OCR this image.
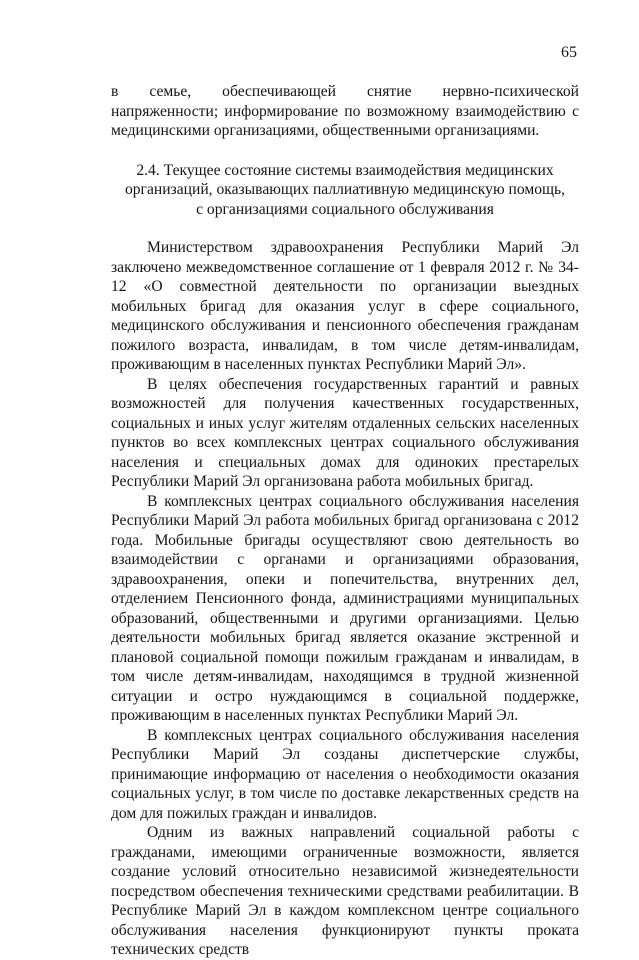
65

в семье, обеспечивающей снятие нервно-психической напряженности; информирование по возможному взаимодействию с медицинскими организациями, общественными организациями.

2.4. Текущее состояние системы взаимодействия медицинских
организаций, оказывающих паллиативную медицинскую помощь,
с организациями социального обслуживания

Министерством здравоохранения Республики Марий Эл заключено межведомственное соглашение от 1 февраля 2012 г. № 34-12 «О совместной деятельности по организации выездных мобильных бригад для оказания услуг в сфере социального, медицинского обслуживания и пенсионного обеспечения гражданам пожилого возраста, инвалидам, в том числе детям-инвалидам, проживающим в населенных пунктах Республики Марий Эл».

В целях обеспечения государственных гарантий и равных возможностей для получения качественных государственных, социальных и иных услуг жителям отдаленных сельских населенных пунктов во всех комплексных центрах социального обслуживания населения и специальных домах для одиноких престарелых Республики Марий Эл организована работа мобильных бригад.

В комплексных центрах социального обслуживания населения Республики Марий Эл работа мобильных бригад организована с 2012 года. Мобильные бригады осуществляют свою деятельность во взаимодействии с органами и организациями образования, здравоохранения, опеки и попечительства, внутренних дел, отделением Пенсионного фонда, администрациями муниципальных образований, общественными и другими организациями. Целью деятельности мобильных бригад является оказание экстренной и плановой социальной помощи пожилым гражданам и инвалидам, в том числе детям-инвалидам, находящимся в трудной жизненной ситуации и остро нуждающимся в социальной поддержке, проживающим в населенных пунктах Республики Марий Эл.

В комплексных центрах социального обслуживания населения Республики Марий Эл созданы диспетчерские службы, принимающие информацию от населения о необходимости оказания социальных услуг, в том числе по доставке лекарственных средств на дом для пожилых граждан и инвалидов.

Одним из важных направлений социальной работы с гражданами, имеющими ограниченные возможности, является создание условий относительно независимой жизнедеятельности посредством обеспечения техническими средствами реабилитации. В Республике Марий Эл в каждом комплексном центре социального обслуживания населения функционируют пункты проката технических средств
